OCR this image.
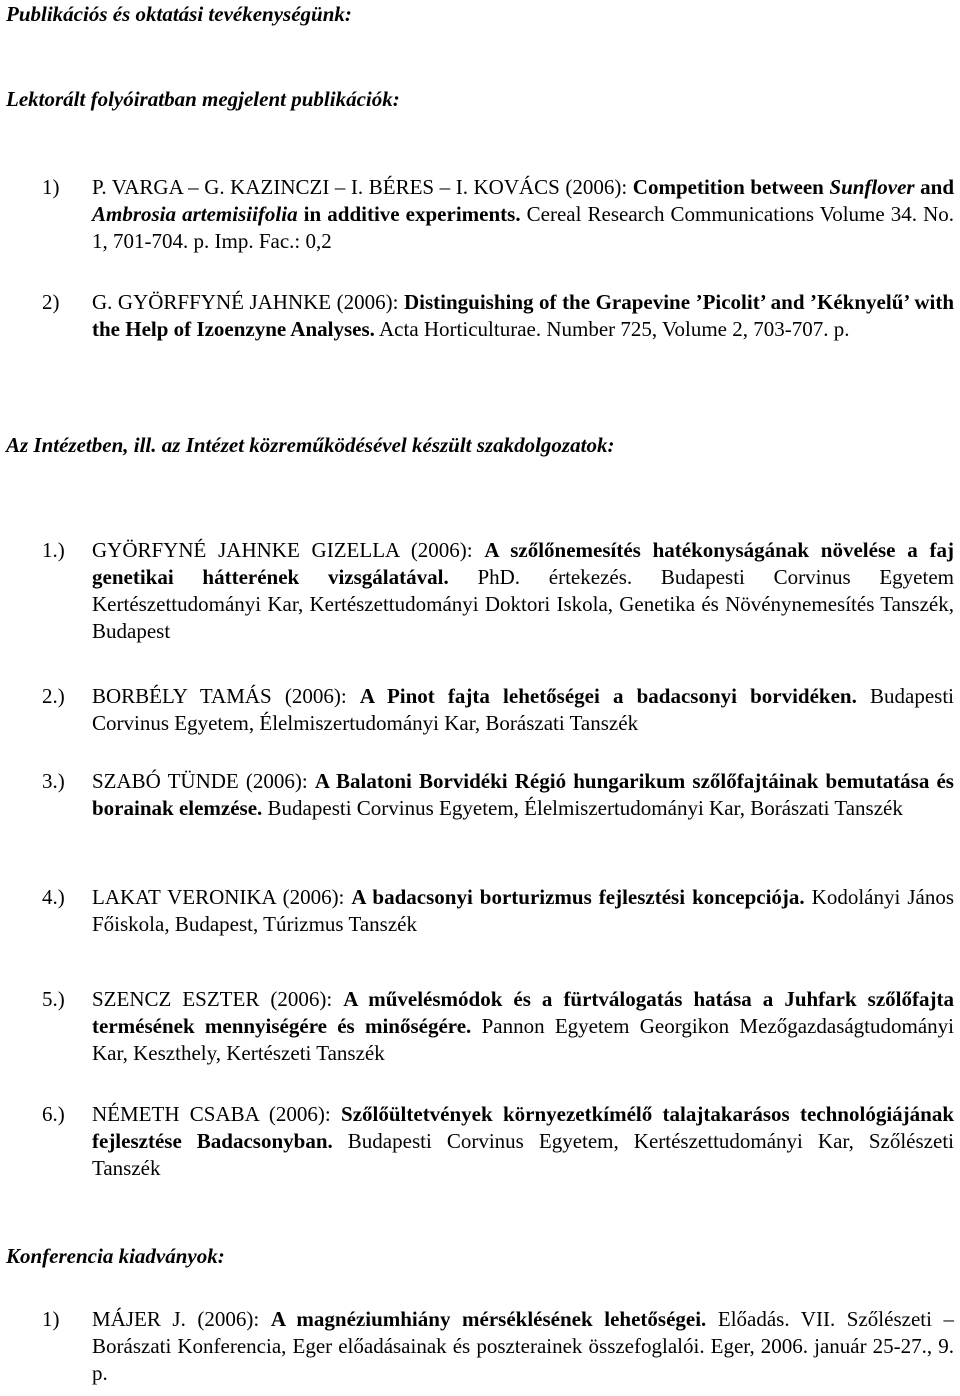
Publikációs és oktatási tevékenységünk:
Lektorált folyóiratban megjelent publikációk:
1)	P. VARGA – G. KAZINCZI – I. BÉRES – I. KOVÁCS (2006): Competition between Sunflover and Ambrosia artemisiifolia in additive experiments. Cereal Research Communications Volume 34. No. 1, 701-704. p. Imp. Fac.: 0,2
2)	G. GYÖRFFYNÉ JAHNKE (2006): Distinguishing of the Grapevine ’Picolit’ and ’Kéknyelű’ with the Help of Izoenzyne Analyses. Acta Horticulturae. Number 725, Volume 2, 703-707. p.
Az Intézetben, ill. az Intézet közreműködésével készült szakdolgozatok:
1.)	GYÖRFYNÉ JAHNKE GIZELLA (2006): A szőlőnemesítés hatékonyságának növelése a faj genetikai hátterének vizsgálatával. PhD. értekezés. Budapesti Corvinus Egyetem Kertészettudományi Kar, Kertészettudományi Doktori Iskola, Genetika és Növénynemesítés Tanszék, Budapest
2.)	BORBÉLY TAMÁS (2006): A Pinot fajta lehetőségei a badacsonyi borvidéken. Budapesti Corvinus Egyetem, Élelmiszertudományi Kar, Borászati Tanszék
3.)	SZABÓ TÜNDE (2006): A Balatoni Borvidéki Régió hungarikum szőlőfajtáinak bemutatása és borainak elemzése. Budapesti Corvinus Egyetem, Élelmiszertudományi Kar, Borászati Tanszék
4.)	LAKAT VERONIKA (2006): A badacsonyi borturizmus fejlesztési koncepciója. Kodolányi János Főiskola, Budapest, Túrizmus Tanszék
5.)	SZENCZ ESZTER (2006): A művelésmódok és a fürtválogatás hatása a Juhfark szőlőfajta termésének mennyiségére és minőségére. Pannon Egyetem Georgikon Mezőgazdaságtudományi Kar, Keszthely, Kertészeti Tanszék
6.)	NÉMETH CSABA (2006): Szőlőültetvények környezetkímélő talajtakarásos technológiájának fejlesztése Badacsonyban. Budapesti Corvinus Egyetem, Kertészettudományi Kar, Szőlészeti Tanszék
Konferencia kiadványok:
1)	MÁJER J. (2006): A magnéziumhiány mérséklésének lehetőségei. Előadás. VII. Szőlészeti –Borászati Konferencia, Eger előadásainak és poszterainek összefoglalói. Eger, 2006. január 25-27., 9. p.
